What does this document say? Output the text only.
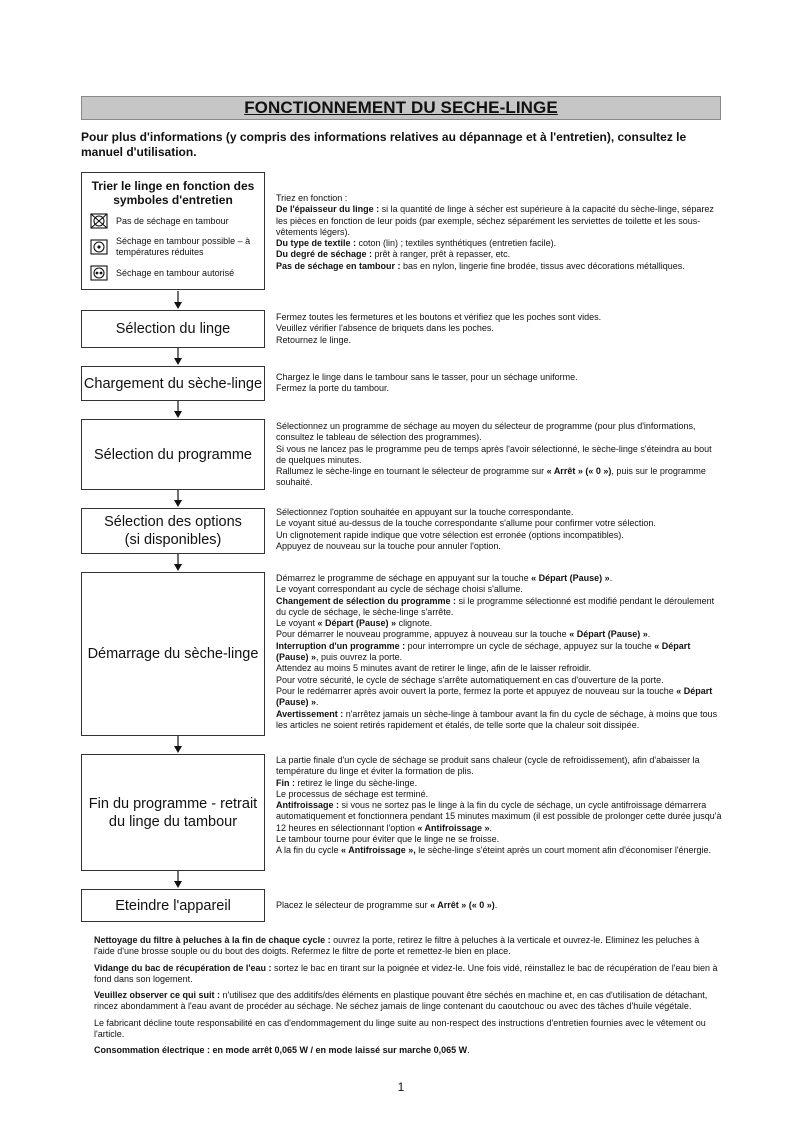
FONCTIONNEMENT DU SECHE-LINGE
Pour plus d'informations (y compris des informations relatives au dépannage et à l'entretien), consultez le manuel d'utilisation.
Trier le linge en fonction des symboles d'entretien
Pas de séchage en tambour
Séchage en tambour possible – à températures réduites
Séchage en tambour autorisé

Triez en fonction :

De l'épaisseur du linge : si la quantité de linge à sécher est supérieure à la capacité du sèche-linge, séparez les pièces en fonction de leur poids (par exemple, séchez séparément les serviettes de toilette et les sous-vêtements légers).

Du type de textile : coton (lin) ; textiles synthétiques (entretien facile).

Du degré de séchage : prêt à ranger, prêt à repasser, etc.

Pas de séchage en tambour : bas en nylon, lingerie fine brodée, tissus avec décorations métalliques.

Sélection du linge

Fermez toutes les fermetures et les boutons et vérifiez que les poches sont vides.

Veuillez vérifier l'absence de briquets dans les poches.

Retournez le linge.

Chargement du sèche-linge Chargez le linge dans le tambour sans le tasser, pour un séchage uniforme.

Fermez la porte du tambour.

Sélection du programme

Sélectionnez un programme de séchage au moyen du sélecteur de programme (pour plus d'informations, consultez le tableau de sélection des programmes).

Si vous ne lancez pas le programme peu de temps après l'avoir sélectionné, le sèche-linge s'éteindra au bout de quelques minutes.

Rallumez le sèche-linge en tournant le sélecteur de programme sur « Arrêt » (« 0 »), puis sur le programme souhaité.

Sélection des options
(si disponibles)

Sélectionnez l'option souhaitée en appuyant sur la touche correspondante.

Le voyant situé au-dessus de la touche correspondante s'allume pour confirmer votre sélection.

Un clignotement rapide indique que votre sélection est erronée (options incompatibles).

Appuyez de nouveau sur la touche pour annuler l'option.

Démarrage du sèche-linge

Démarrez le programme de séchage en appuyant sur la touche « Départ (Pause) ».

Le voyant correspondant au cycle de séchage choisi s'allume.

Changement de sélection du programme : si le programme sélectionné est modifié pendant le déroulement du cycle de séchage, le sèche-linge s'arrête.

Le voyant « Départ (Pause) » clignote.

Pour démarrer le nouveau programme, appuyez à nouveau sur la touche « Départ (Pause) ».

Interruption d'un programme : pour interrompre un cycle de séchage, appuyez sur la touche « Départ (Pause) », puis ouvrez la porte.

Attendez au moins 5 minutes avant de retirer le linge, afin de le laisser refroidir.

Pour votre sécurité, le cycle de séchage s'arrête automatiquement en cas d'ouverture de la porte.

Pour le redémarrer après avoir ouvert la porte, fermez la porte et appuyez de nouveau sur la touche « Départ (Pause) ».

Avertissement : n'arrêtez jamais un sèche-linge à tambour avant la fin du cycle de séchage, à moins que tous les articles ne soient retirés rapidement et étalés, de telle sorte que la chaleur soit dissipée.

Fin du programme - retrait
du linge du tambour

La partie finale d'un cycle de séchage se produit sans chaleur (cycle de refroidissement), afin d'abaisser la température du linge et éviter la formation de plis.

Fin : retirez le linge du sèche-linge.

Le processus de séchage est terminé.

Antifroissage : si vous ne sortez pas le linge à la fin du cycle de séchage, un cycle antifroissage démarrera automatiquement et fonctionnera pendant 15 minutes maximum (il est possible de prolonger cette durée jusqu'à 12 heures en sélectionnant l'option « Antifroissage ».

Le tambour tourne pour éviter que le linge ne se froisse.

A la fin du cycle « Antifroissage », le sèche-linge s'éteint après un court moment afin d'économiser l'énergie.

Eteindre l'appareil	Placez le sélecteur de programme sur « Arrêt » (« 0 »).

Nettoyage du filtre à peluches à la fin de chaque cycle : ouvrez la porte, retirez le filtre à peluches à la verticale et ouvrez-le. Eliminez les peluches à l'aide d'une brosse souple ou du bout des doigts. Refermez le filtre de porte et remettez-le bien en place.

Vidange du bac de récupération de l'eau : sortez le bac en tirant sur la poignée et videz-le. Une fois vidé, réinstallez le bac de récupération de l'eau bien à fond dans son logement.

Veuillez observer ce qui suit : n'utilisez que des additifs/des éléments en plastique pouvant être séchés en machine et, en cas d'utilisation de détachant, rincez abondamment à l'eau avant de procéder au séchage. Ne séchez jamais de linge contenant du caoutchouc ou avec des tâches d'huile végétale.

Le fabricant décline toute responsabilité en cas d'endommagement du linge suite au non-respect des instructions d'entretien fournies avec le vêtement ou l'article.

Consommation électrique : en mode arrêt 0,065 W / en mode laissé sur marche 0,065 W.

1
